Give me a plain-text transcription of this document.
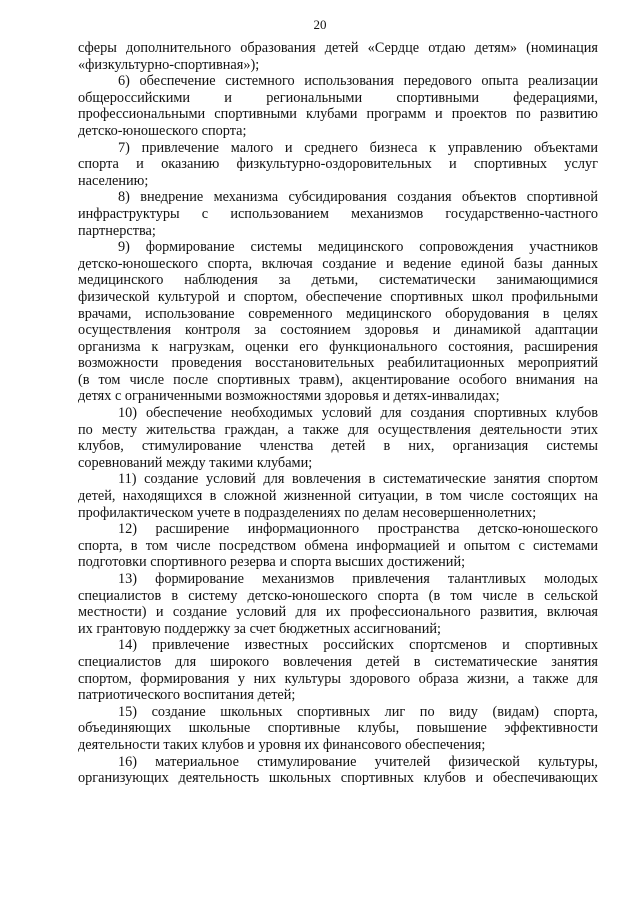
20
сферы дополнительного образования детей «Сердце отдаю детям» (номинация
«физкультурно-спортивная»);
6) обеспечение системного использования передового опыта реализации
общероссийскими и региональными спортивными федерациями,
профессиональными спортивными клубами программ и проектов по развитию
детско-юношеского спорта;
7) привлечение малого и среднего бизнеса к управлению объектами
спорта и оказанию физкультурно-оздоровительных и спортивных услуг
населению;
8) внедрение механизма субсидирования создания объектов спортивной
инфраструктуры с использованием механизмов государственно-частного
партнерства;
9) формирование системы медицинского сопровождения участников
детско-юношеского спорта, включая создание и ведение единой базы данных
медицинского наблюдения за детьми, систематически занимающимися
физической культурой и спортом, обеспечение спортивных школ профильными
врачами, использование современного медицинского оборудования в целях
осуществления контроля за состоянием здоровья и динамикой адаптации
организма к нагрузкам, оценки его функционального состояния, расширения
возможности проведения восстановительных реабилитационных мероприятий
(в том числе после спортивных травм), акцентирование особого внимания на
детях с ограниченными возможностями здоровья и детях-инвалидах;
10) обеспечение необходимых условий для создания спортивных клубов
по месту жительства граждан, а также для осуществления деятельности этих
клубов, стимулирование членства детей в них, организация системы
соревнований между такими клубами;
11) создание условий для вовлечения в систематические занятия спортом
детей, находящихся в сложной жизненной ситуации, в том числе состоящих на
профилактическом учете в подразделениях по делам несовершеннолетних;
12) расширение информационного пространства детско-юношеского
спорта, в том числе посредством обмена информацией и опытом с системами
подготовки спортивного резерва и спорта высших достижений;
13) формирование механизмов привлечения талантливых молодых
специалистов в систему детско-юношеского спорта (в том числе в сельской
местности) и создание условий для их профессионального развития, включая
их грантовую поддержку за счет бюджетных ассигнований;
14) привлечение известных российских спортсменов и спортивных
специалистов для широкого вовлечения детей в систематические занятия
спортом, формирования у них культуры здорового образа жизни, а также для
патриотического воспитания детей;
15) создание школьных спортивных лиг по виду (видам) спорта,
объединяющих школьные спортивные клубы, повышение эффективности
деятельности таких клубов и уровня их финансового обеспечения;
16) материальное стимулирование учителей физической культуры,
организующих деятельность школьных спортивных клубов и обеспечивающих
